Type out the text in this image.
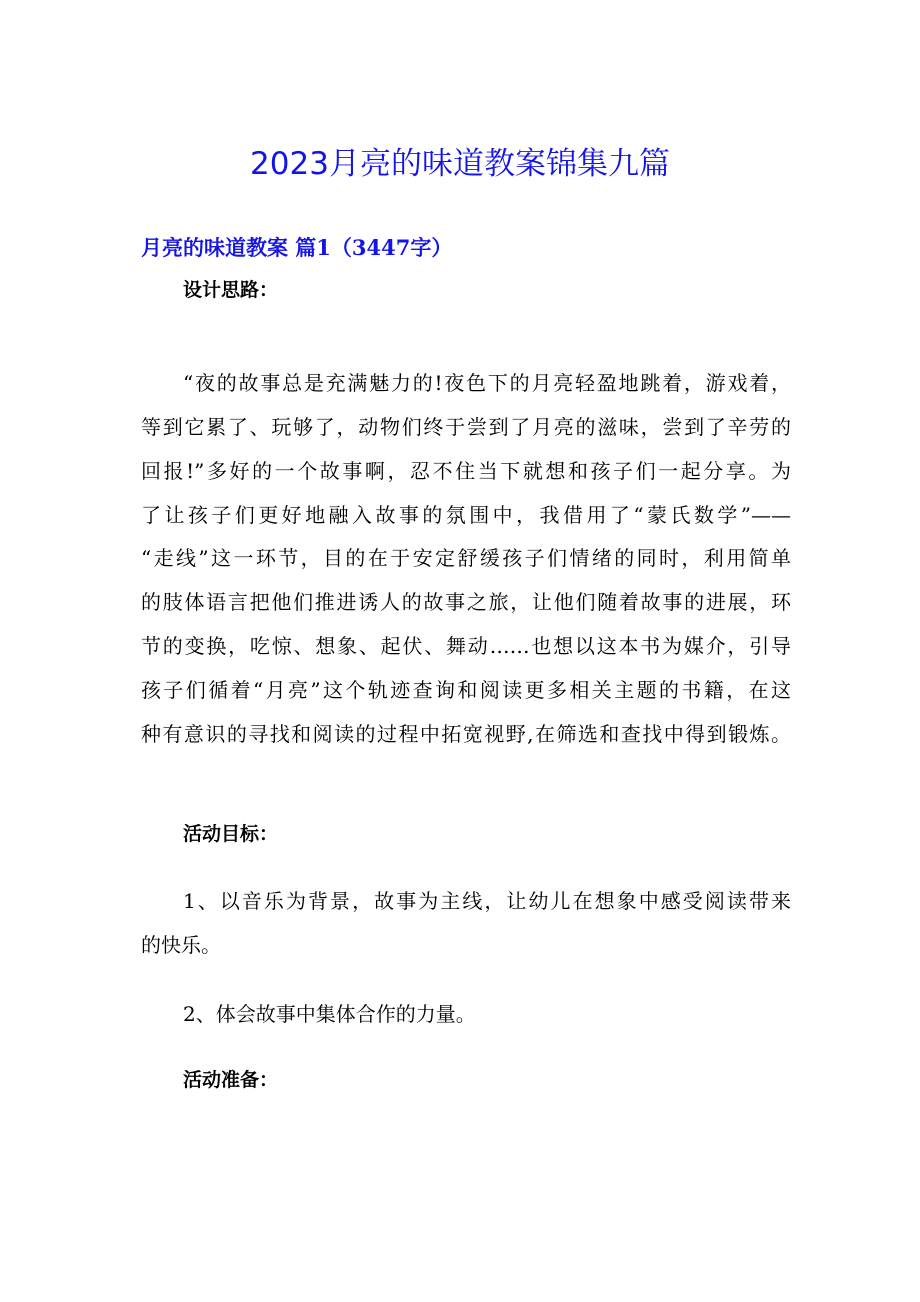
2023月亮的味道教案锦集九篇
月亮的味道教案 篇1（3447字）
设计思路：
“夜的故事总是充满魅力的!夜色下的月亮轻盈地跳着，游戏着，
等到它累了、玩够了，动物们终于尝到了月亮的滋味，尝到了辛劳的
回报!”多好的一个故事啊，忍不住当下就想和孩子们一起分享。为
了让孩子们更好地融入故事的氛围中，我借用了“蒙氏数学”——
“走线”这一环节，目的在于安定舒缓孩子们情绪的同时，利用简单
的肢体语言把他们推进诱人的故事之旅，让他们随着故事的进展，环
节的变换，吃惊、想象、起伏、舞动……也想以这本书为媒介，引导
孩子们循着“月亮”这个轨迹查询和阅读更多相关主题的书籍，在这
种有意识的寻找和阅读的过程中拓宽视野,在筛选和查找中得到锻炼。
活动目标：
1、以音乐为背景，故事为主线，让幼儿在想象中感受阅读带来
的快乐。
2、体会故事中集体合作的力量。
活动准备：
